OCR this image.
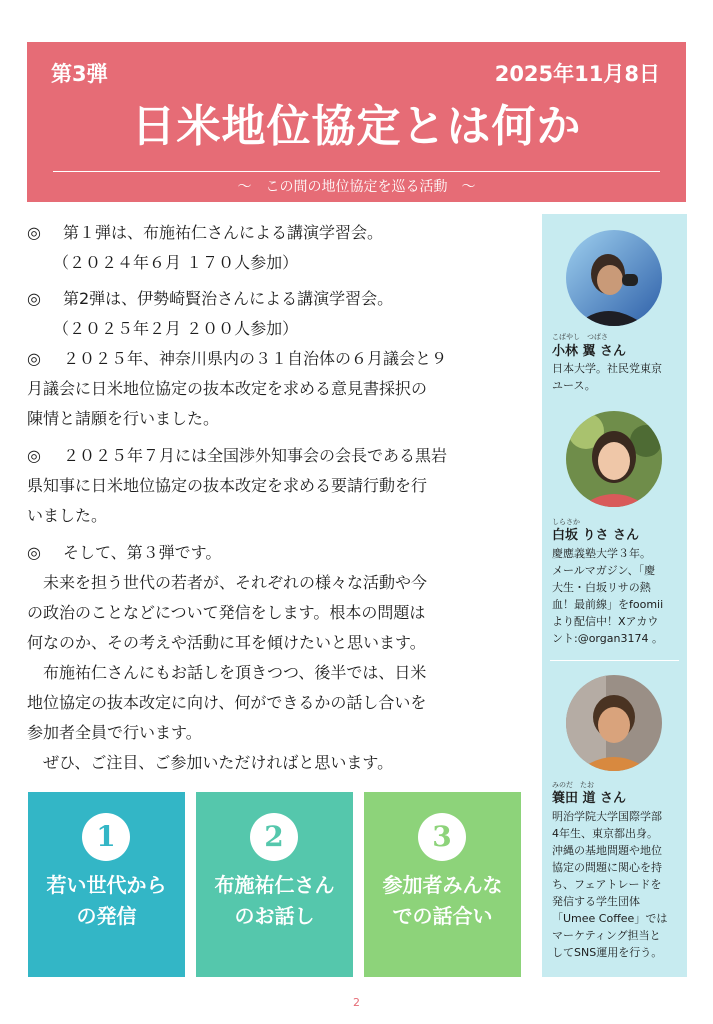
第3弾	2025年11月8日
日米地位協定とは何か
～　この間の地位協定を巡る活動　～

◎ 第１弾は、布施祐仁さんによる講演学習会。

（２０２４年６月 １７０人参加）

◎ 第2弾は、伊勢崎賢治さんによる講演学習会。

（２０２５年２月 ２００人参加）

◎ ２０２５年、神奈川県内の３１自治体の６月議会と９

月議会に日米地位協定の抜本改定を求める意見書採択の

陳情と請願を行いました。

◎ ２０２５年７月には全国渉外知事会の会長である黒岩

県知事に日米地位協定の抜本改定を求める要請行動を行

いました。

◎ そして、第３弾です。

　未来を担う世代の若者が、それぞれの様々な活動や今

の政治のことなどについて発信をします。根本の問題は

何なのか、その考えや活動に耳を傾けたいと思います。

　布施祐仁さんにもお話しを頂きつつ、後半では、日米

地位協定の抜本改定に向け、何ができるかの話し合いを

参加者全員で行います。

　ぜひ、ご注目、ご参加いただければと思います。

こばやし　つばさ
小林 翼 さん
日本大学。社民党東京
ユース。
しらさか
白坂 りさ さん
慶應義塾大学３年。
メールマガジン、「慶
大生・白坂リサの熱
血！最前線」をfoomii
より配信中！Xアカウ
ント:@organ3174 。
みのだ　たお
簑田 道 さん
明治学院大学国際学部
4年生、東京都出身。
沖縄の基地問題や地位
協定の問題に関心を持
ち、フェアトレードを
発信する学生団体
「Umee Coffee」では
マーケティング担当と
してSNS運用を行う。
1
若い世代から
の発信
2
布施祐仁さん
のお話し
3
参加者みんな
での話合い
2
